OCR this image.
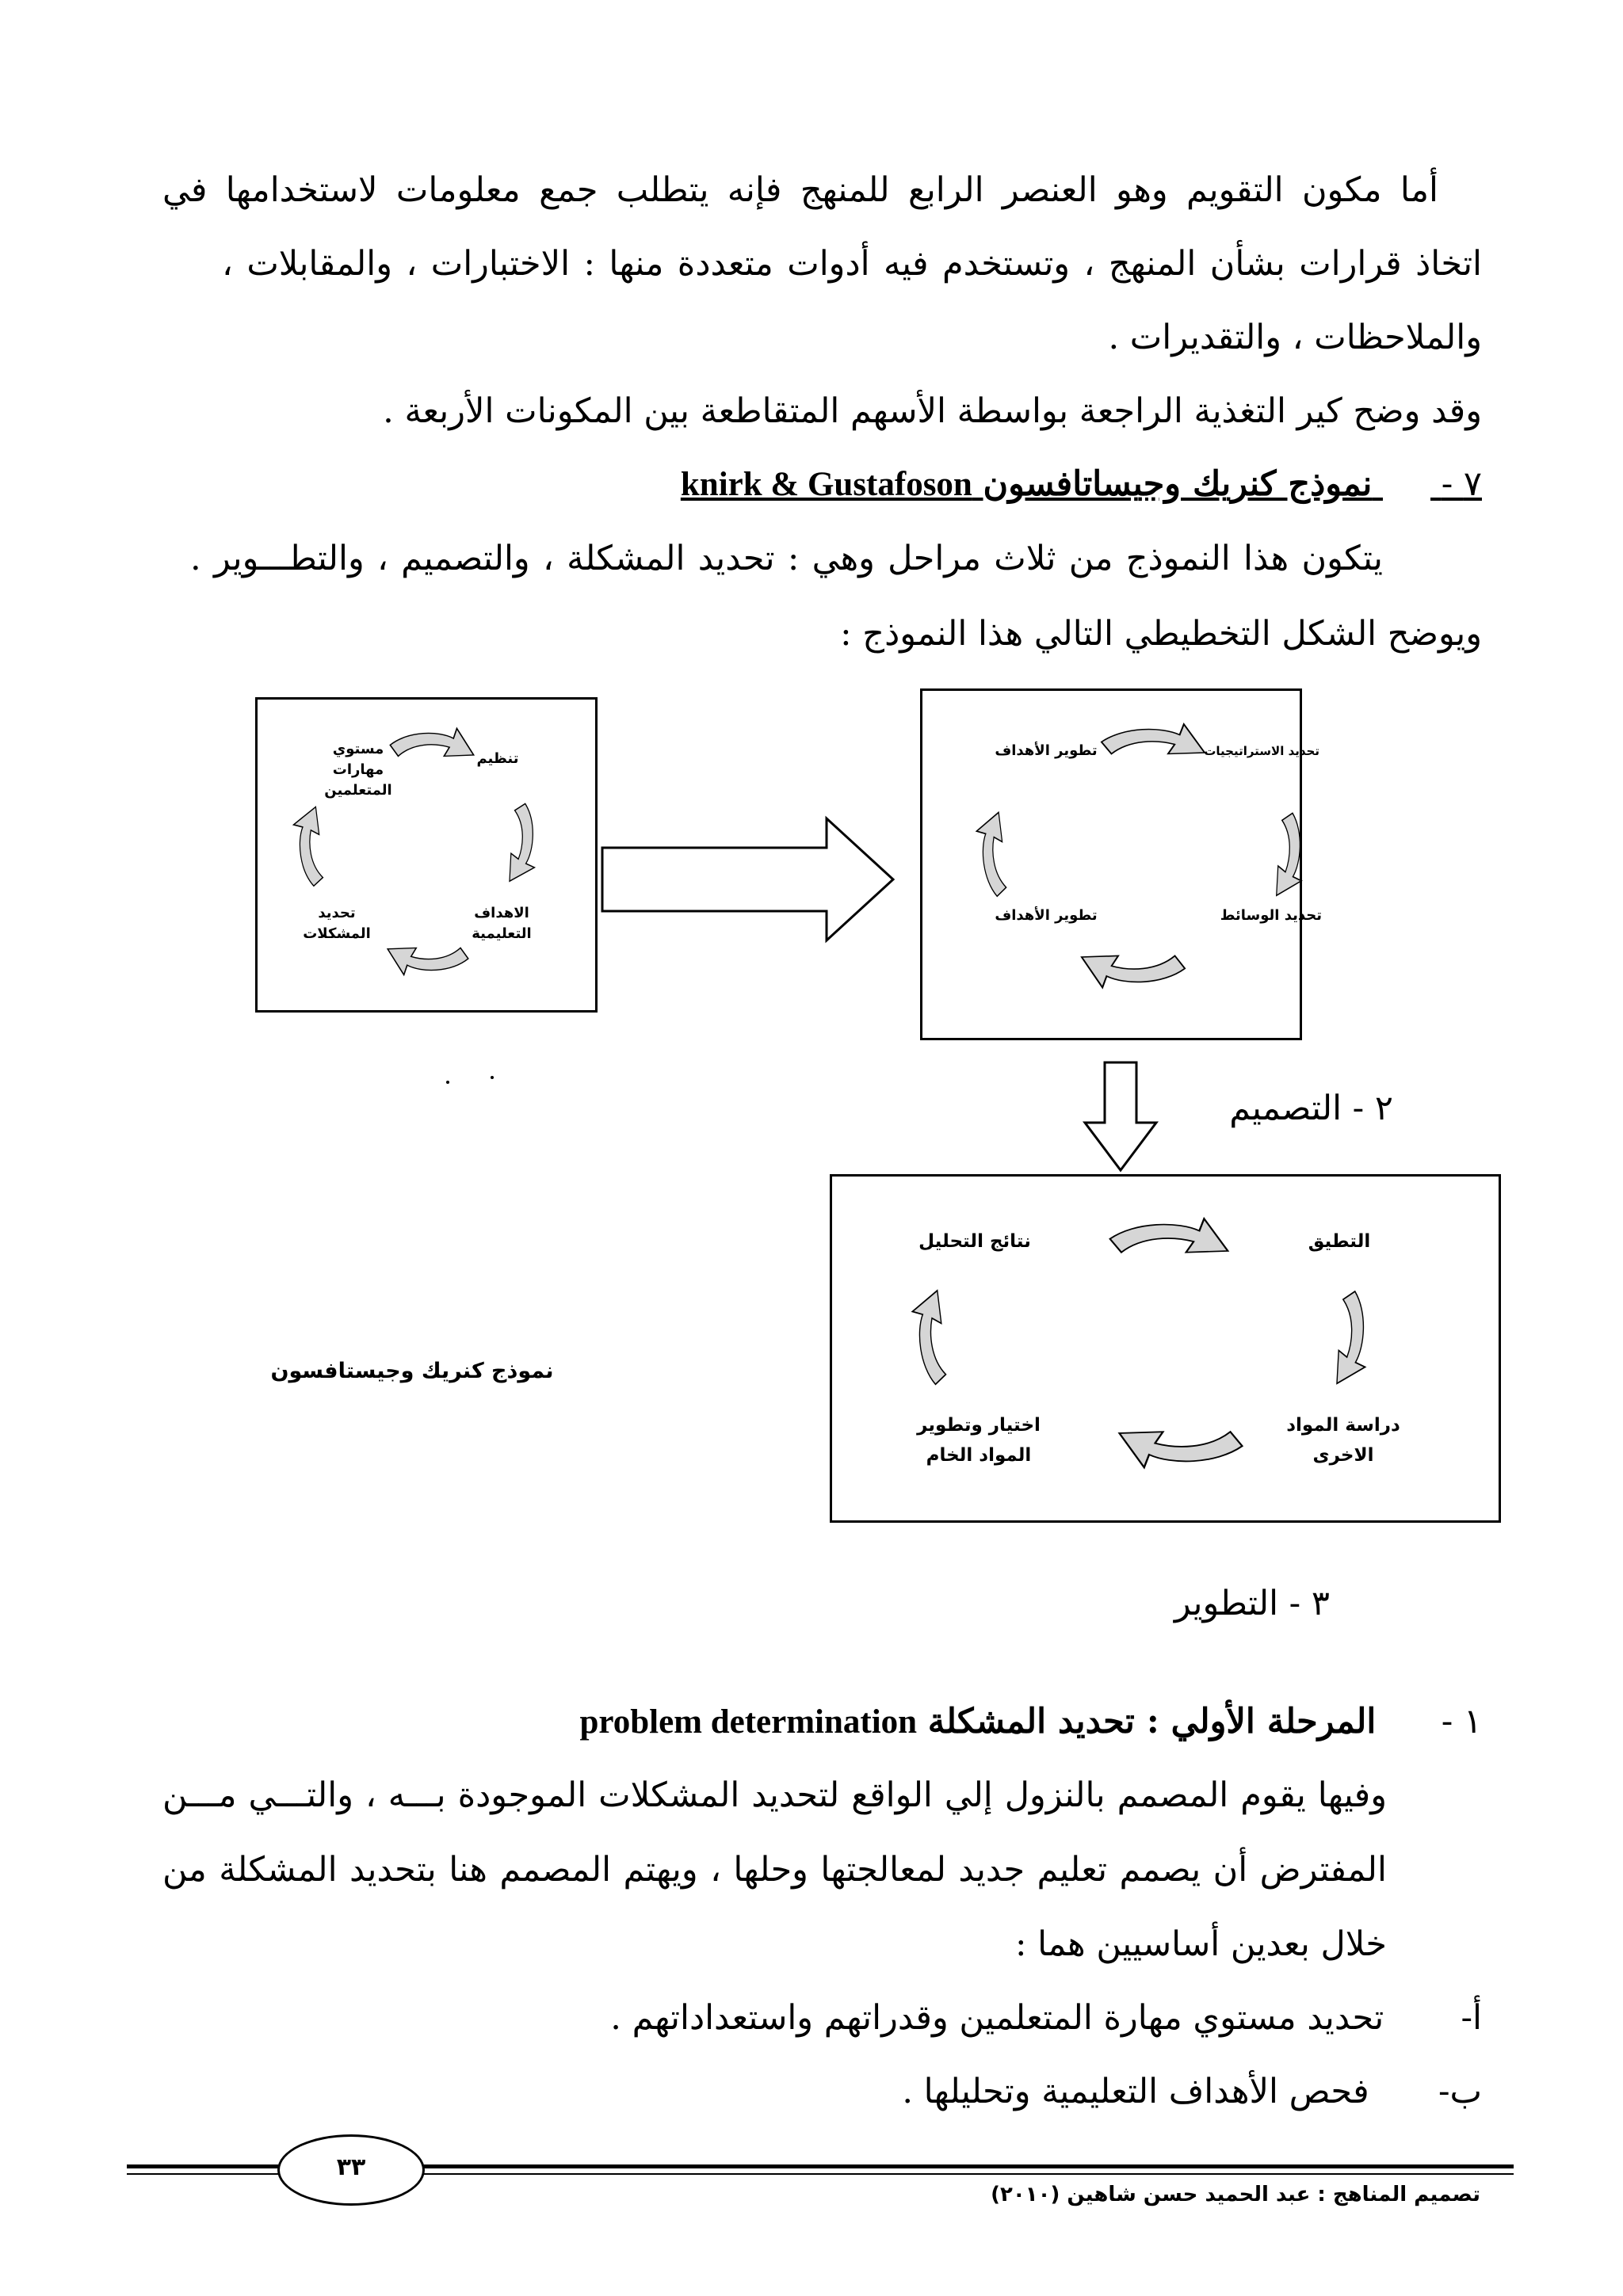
أما مكون التقويم وهو العنصر الرابع للمنهج فإنه يتطلب جمع معلومات لاستخدامها في
اتخاذ قرارات بشأن المنهج ، وتستخدم فيه أدوات متعددة منها : الاختبارات ، والمقابلات ،
والملاحظات ، والتقديرات .
وقد وضح كير التغذية الراجعة بواسطة الأسهم المتقاطعة بين المكونات الأربعة .
٧ -  نموذج كنريك وجيساتافسون knirk & Gustafoson
يتكون هذا النموذج من ثلاث مراحل وهي : تحديد المشكلة ، والتصميم ، والتطـــوير .
ويوضح الشكل التخطيطي التالي هذا النموذج :
مستوي
مهارات
المتعلمين
تنظيم
الاهداف
التعليمية
تحديد
المشكلات
تطوير الأهداف	تحديد الاستراتيجيات
تطوير الأهداف	تحديد الوسائط
نتائج التحليل	التطيق
اختيار وتطوير
المواد الخام
دراسة المواد
الاخرى
٢ - التصميم
نموذج كنريك وجيستافسون
٣ - التطوير
١ -  المرحلة الأولي : تحديد المشكلة problem determination
وفيها يقوم المصمم بالنزول إلي الواقع لتحديد المشكلات الموجودة بـــه ، والتـــي مـــن
المفترض أن يصمم تعليم جديد لمعالجتها وحلها ، ويهتم المصمم هنا بتحديد المشكلة من
خلال بعدين أساسيين هما :
أ-  تحديد مستوي مهارة المتعلمين وقدراتهم واستعداداتهم .
ب-  فحص الأهداف التعليمية وتحليلها .
٣٣
تصميم المناهج : عبد الحميد حسن شاهين (٢٠١٠)
